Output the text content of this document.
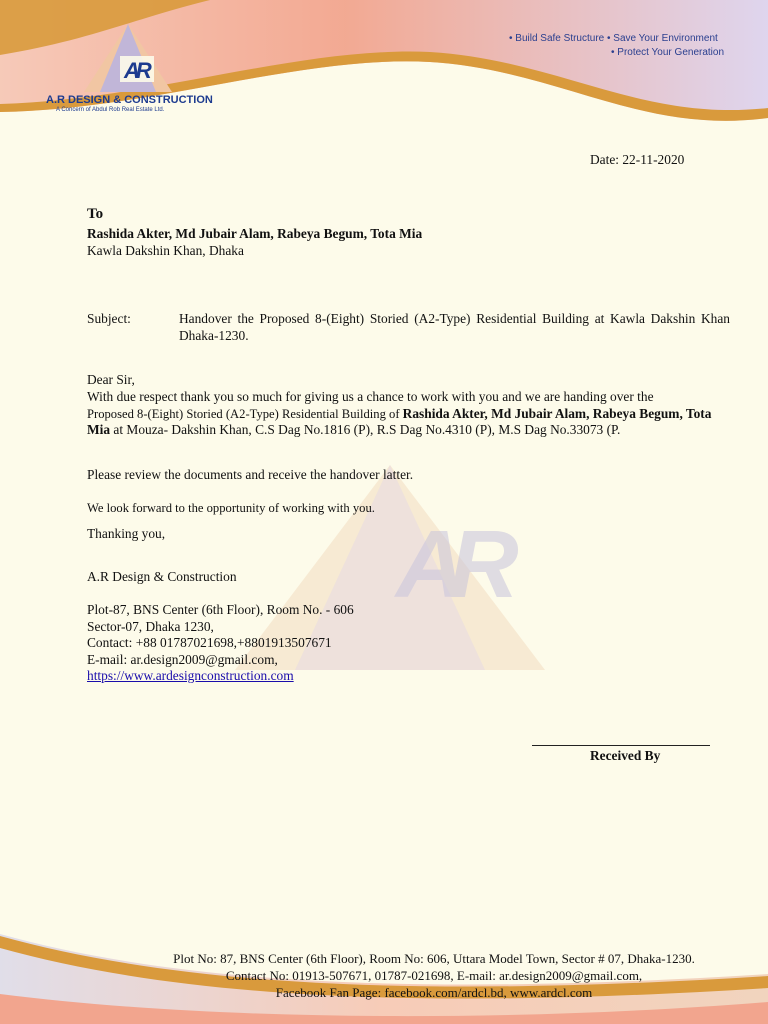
AR
A.R DESIGN & CONSTRUCTION
A Concern of Abdul Rob Real Estate Ltd.
• Build Safe Structure • Save Your Environment
• Protect Your Generation
AR
Date: 22-11-2020
To
Rashida Akter, Md Jubair Alam, Rabeya Begum, Tota Mia
Kawla Dakshin Khan, Dhaka
Subject:	Handover the Proposed 8-(Eight) Storied (A2-Type) Residential Building at Kawla Dakshin Khan Dhaka-1230.
Dear Sir,
With due respect thank you so much for giving us a chance to work with you and we are handing over the
Proposed 8-(Eight) Storied (A2-Type) Residential Building of Rashida Akter, Md Jubair Alam, Rabeya Begum, Tota Mia at Mouza- Dakshin Khan, C.S Dag No.1816 (P), R.S Dag No.4310 (P), M.S Dag No.33073 (P.
Please review the documents and receive the handover latter.
We look forward to the opportunity of working with you.
Thanking you,
A.R Design & Construction
Plot-87, BNS Center (6th Floor), Room No. - 606
Sector-07, Dhaka 1230,
Contact: +88 01787021698,+8801913507671
E-mail: ar.design2009@gmail.com,
https://www.ardesignconstruction.com
Received By
Plot No: 87, BNS Center (6th Floor), Room No: 606, Uttara Model Town, Sector # 07, Dhaka-1230.
Contact No: 01913-507671, 01787-021698, E-mail: ar.design2009@gmail.com,
Facebook Fan Page: facebook.com/ardcl.bd, www.ardcl.com
